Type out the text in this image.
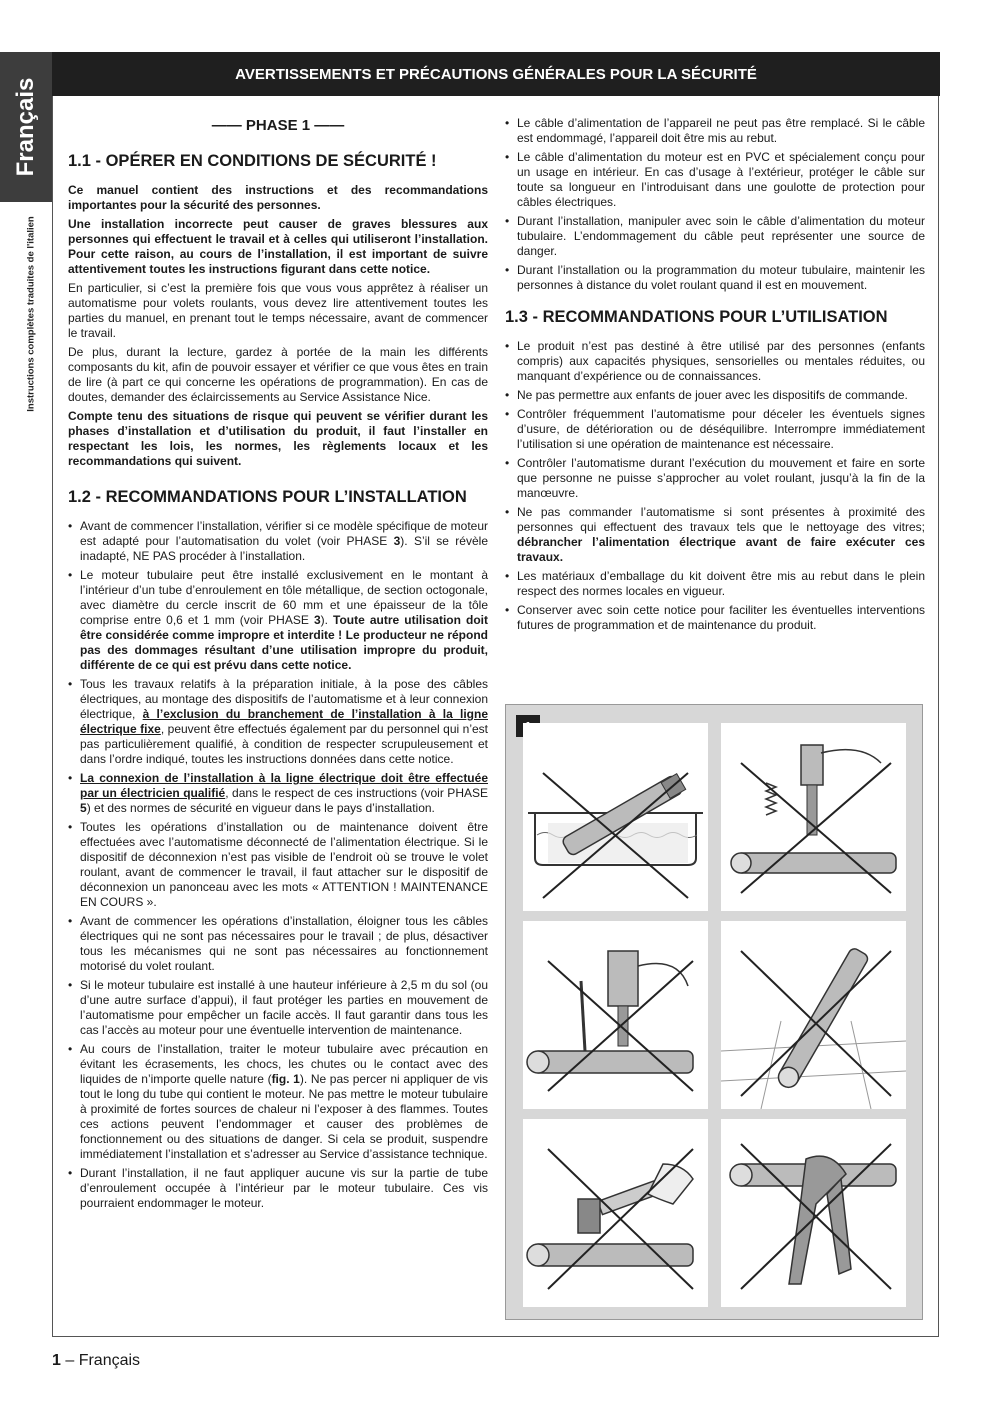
Français
Instructions complètes traduites de l'italien
AVERTISSEMENTS ET PRÉCAUTIONS GÉNÉRALES POUR LA SÉCURITÉ
—— PHASE 1 ——
1.1 - OPÉRER EN CONDITIONS DE SÉCURITÉ !

Ce manuel contient des instructions et des recommandations importantes pour la sécurité des personnes.

Une installation incorrecte peut causer de graves blessures aux personnes qui effectuent le travail et à celles qui utiliseront l’installation. Pour cette raison, au cours de l’installation, il est important de suivre attentivement toutes les instructions figurant dans cette notice.

En particulier, si c’est la première fois que vous vous apprêtez à réaliser un automatisme pour volets roulants, vous devez lire attentivement toutes les parties du manuel, en prenant tout le temps nécessaire, avant de commencer le travail.

De plus, durant la lecture, gardez à portée de la main les différents composants du kit, afin de pouvoir essayer et vérifier ce que vous êtes en train de lire (à part ce qui concerne les opérations de programmation). En cas de doutes, demander des éclaircissements au Service Assistance Nice.

Compte tenu des situations de risque qui peuvent se vérifier durant les phases d’installation et d’utilisation du produit, il faut l’installer en respectant les lois, les normes, les règlements locaux et les recommandations qui suivent.

1.2 - RECOMMANDATIONS POUR L’INSTALLATION
• Avant de commencer l’installation, vérifier si ce modèle spécifique de moteur est adapté pour l’automatisation du volet (voir PHASE 3). S’il se révèle inadapté, NE PAS procéder à l’installation.
• Le moteur tubulaire peut être installé exclusivement en le montant à l’intérieur d’un tube d’enroulement en tôle métallique, de section octogonale, avec diamètre du cercle inscrit de 60 mm et une épaisseur de la tôle comprise entre 0,6 et 1 mm (voir PHASE 3). Toute autre utilisation doit être considérée comme impropre et interdite ! Le producteur ne répond pas des dommages résultant d’une utilisation impropre du produit, différente de ce qui est prévu dans cette notice.
• Tous les travaux relatifs à la préparation initiale, à la pose des câbles électriques, au montage des dispositifs de l’automatisme et à leur connexion électrique, à l’exclusion du branchement de l’installation à la ligne électrique fixe, peuvent être effectués également par du personnel qui n’est pas particulièrement qualifié, à condition de respecter scrupuleusement et dans l’ordre indiqué, toutes les instructions données dans cette notice.
• La connexion de l’installation à la ligne électrique doit être effectuée par un électricien qualifié, dans le respect de ces instructions (voir PHASE 5) et des normes de sécurité en vigueur dans le pays d’installation.
• Toutes les opérations d’installation ou de maintenance doivent être effectuées avec l’automatisme déconnecté de l’alimentation électrique. Si le dispositif de déconnexion n’est pas visible de l’endroit où se trouve le volet roulant, avant de commencer le travail, il faut attacher sur le dispositif de déconnexion un panonceau avec les mots « ATTENTION ! MAINTENANCE EN COURS ».
• Avant de commencer les opérations d’installation, éloigner tous les câbles électriques qui ne sont pas nécessaires pour le travail ; de plus, désactiver tous les mécanismes qui ne sont pas nécessaires au fonctionnement motorisé du volet roulant.
• Si le moteur tubulaire est installé à une hauteur inférieure à 2,5 m du sol (ou d’une autre surface d’appui), il faut protéger les parties en mouvement de l’automatisme pour empêcher un facile accès. Il faut garantir dans tous les cas l’accès au moteur pour une éventuelle intervention de maintenance.
• Au cours de l’installation, traiter le moteur tubulaire avec précaution en évitant les écrasements, les chocs, les chutes ou le contact avec des liquides de n’importe quelle nature (fig. 1). Ne pas percer ni appliquer de vis tout le long du tube qui contient le moteur. Ne pas mettre le moteur tubulaire à proximité de fortes sources de chaleur ni l’exposer à des flammes. Toutes ces actions peuvent l’endommager et causer des problèmes de fonctionnement ou des situations de danger. Si cela se produit, suspendre immédiatement l’installation et s’adresser au Service d’assistance technique.
• Durant l’installation, il ne faut appliquer aucune vis sur la partie de tube d’enroulement occupée à l’intérieur par le moteur tubulaire. Ces vis pourraient endommager le moteur.
• Le câble d’alimentation de l’appareil ne peut pas être remplacé. Si le câble est endommagé, l’appareil doit être mis au rebut.
• Le câble d’alimentation du moteur est en PVC et spécialement conçu pour un usage en intérieur. En cas d’usage à l’extérieur, protéger le câble sur toute sa longueur en l’introduisant dans une goulotte de protection pour câbles électriques.
• Durant l’installation, manipuler avec soin le câble d’alimentation du moteur tubulaire. L’endommagement du câble peut représenter une source de danger.
• Durant l’installation ou la programmation du moteur tubulaire, maintenir les personnes à distance du volet roulant quand il est en mouvement.
1.3 - RECOMMANDATIONS POUR L’UTILISATION
• Le produit n’est pas destiné à être utilisé par des personnes (enfants compris) aux capacités physiques, sensorielles ou mentales réduites, ou manquant d’expérience ou de connaissances.
• Ne pas permettre aux enfants de jouer avec les dispositifs de commande.
• Contrôler fréquemment l’automatisme pour déceler les éventuels signes d’usure, de détérioration ou de déséquilibre. Interrompre immédiatement l’utilisation si une opération de maintenance est nécessaire.
• Contrôler l’automatisme durant l’exécution du mouvement et faire en sorte que personne ne puisse s’approcher au volet roulant, jusqu’à la fin de la manœuvre.
• Ne pas commander l’automatisme si sont présentes à proximité des personnes qui effectuent des travaux tels que le nettoyage des vitres; débrancher l’alimentation électrique avant de faire exécuter ces travaux.
• Les matériaux d’emballage du kit doivent être mis au rebut dans le plein respect des normes locales en vigueur.
• Conserver avec soin cette notice pour faciliter les éventuelles interventions futures de programmation et de maintenance du produit.
1 – Français
